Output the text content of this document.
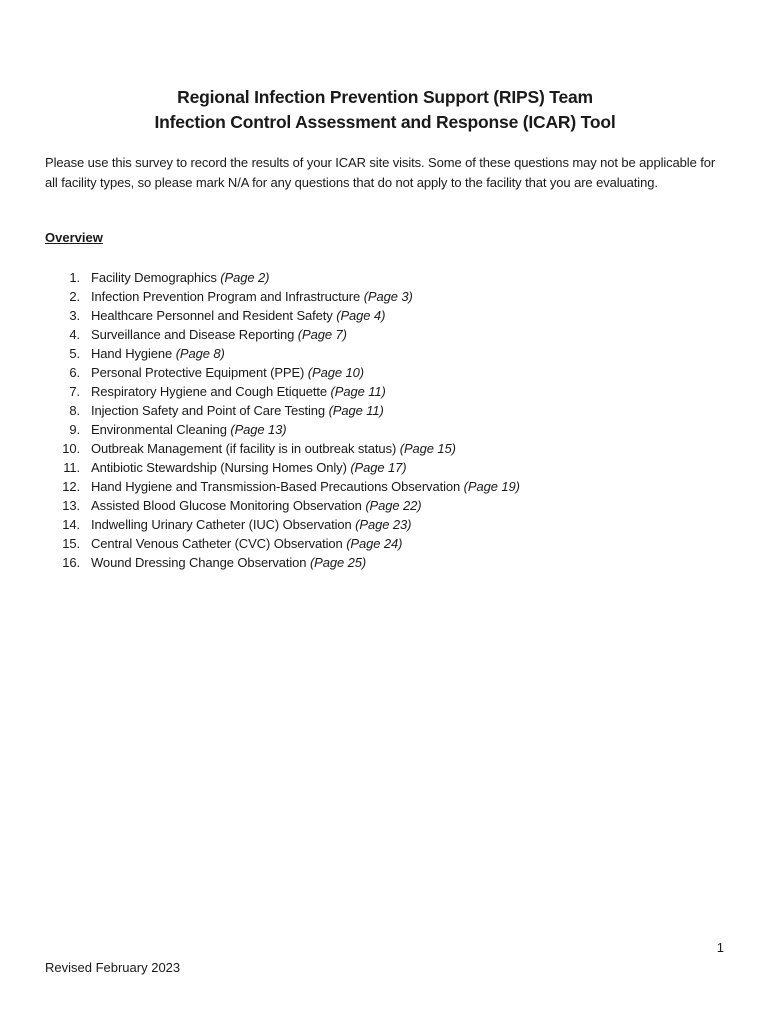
Regional Infection Prevention Support (RIPS) Team
Infection Control Assessment and Response (ICAR) Tool

Please use this survey to record the results of your ICAR site visits. Some of these questions may not be applicable for all facility types, so please mark N/A for any questions that do not apply to the facility that you are evaluating.

Overview

1. Facility Demographics (Page 2)
2. Infection Prevention Program and Infrastructure (Page 3)
3. Healthcare Personnel and Resident Safety (Page 4)
4. Surveillance and Disease Reporting (Page 7)
5. Hand Hygiene (Page 8)
6. Personal Protective Equipment (PPE) (Page 10)
7. Respiratory Hygiene and Cough Etiquette (Page 11)
8. Injection Safety and Point of Care Testing (Page 11)
9. Environmental Cleaning (Page 13)
10. Outbreak Management (if facility is in outbreak status) (Page 15)
11. Antibiotic Stewardship (Nursing Homes Only) (Page 17)
12. Hand Hygiene and Transmission-Based Precautions Observation (Page 19)
13. Assisted Blood Glucose Monitoring Observation (Page 22)
14. Indwelling Urinary Catheter (IUC) Observation (Page 23)
15. Central Venous Catheter (CVC) Observation (Page 24)
16. Wound Dressing Change Observation (Page 25)

1

Revised February 2023
